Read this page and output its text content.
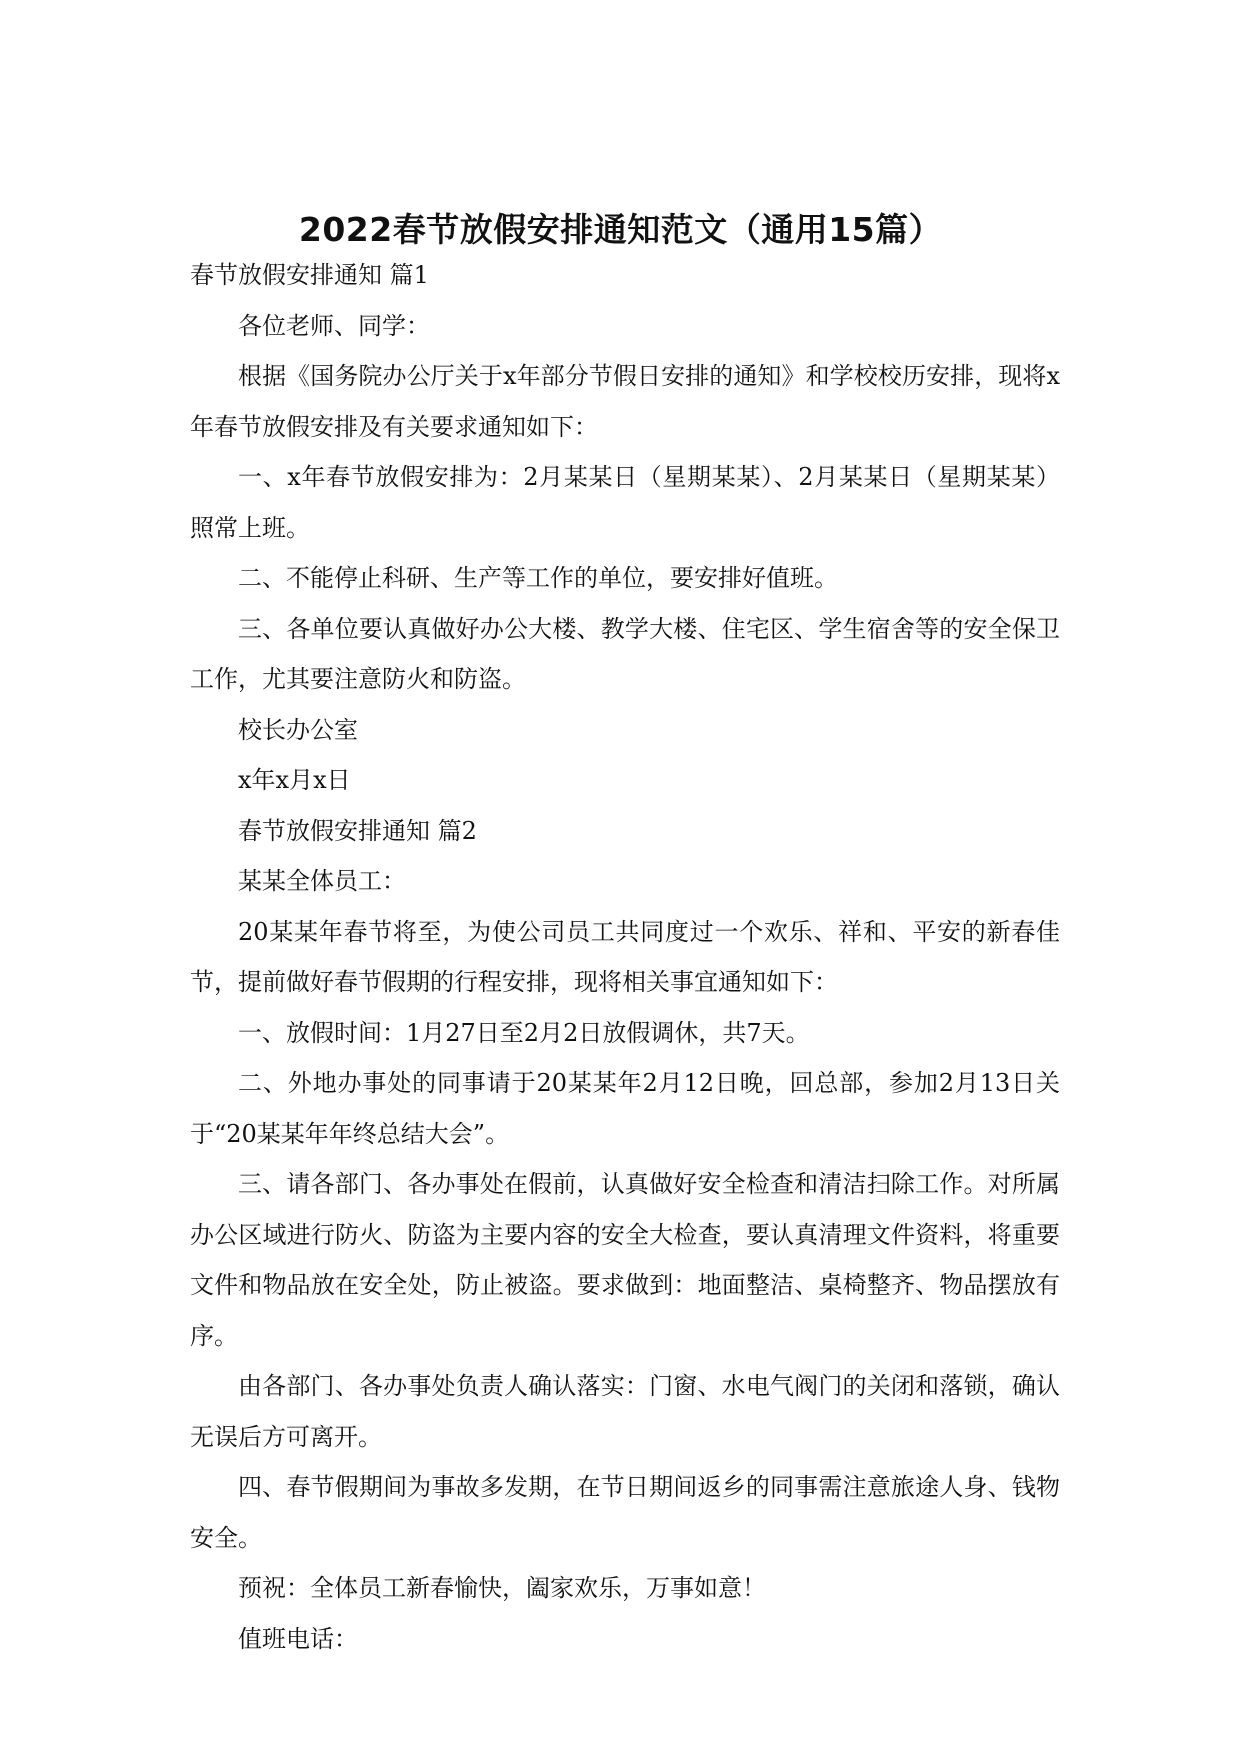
2022春节放假安排通知范文（通用15篇）

春节放假安排通知 篇1

各位老师、同学：

根据《国务院办公厅关于x年部分节假日安排的通知》和学校校历安排，现将x年春节放假安排及有关要求通知如下：

一、x年春节放假安排为：2月某某日（星期某某）、2月某某日（星期某某）照常上班。

二、不能停止科研、生产等工作的单位，要安排好值班。

三、各单位要认真做好办公大楼、教学大楼、住宅区、学生宿舍等的安全保卫工作，尤其要注意防火和防盗。

校长办公室

x年x月x日

春节放假安排通知 篇2

某某全体员工：

20某某年春节将至，为使公司员工共同度过一个欢乐、祥和、平安的新春佳节，提前做好春节假期的行程安排，现将相关事宜通知如下：

一、放假时间：1月27日至2月2日放假调休，共7天。

二、外地办事处的同事请于20某某年2月12日晚，回总部，参加2月13日关于“20某某年年终总结大会”。

三、请各部门、各办事处在假前，认真做好安全检查和清洁扫除工作。对所属办公区域进行防火、防盗为主要内容的安全大检查，要认真清理文件资料，将重要文件和物品放在安全处，防止被盗。要求做到：地面整洁、桌椅整齐、物品摆放有序。

由各部门、各办事处负责人确认落实：门窗、水电气阀门的关闭和落锁，确认无误后方可离开。

四、春节假期间为事故多发期，在节日期间返乡的同事需注意旅途人身、钱物安全。

预祝：全体员工新春愉快，阖家欢乐，万事如意！

值班电话：
